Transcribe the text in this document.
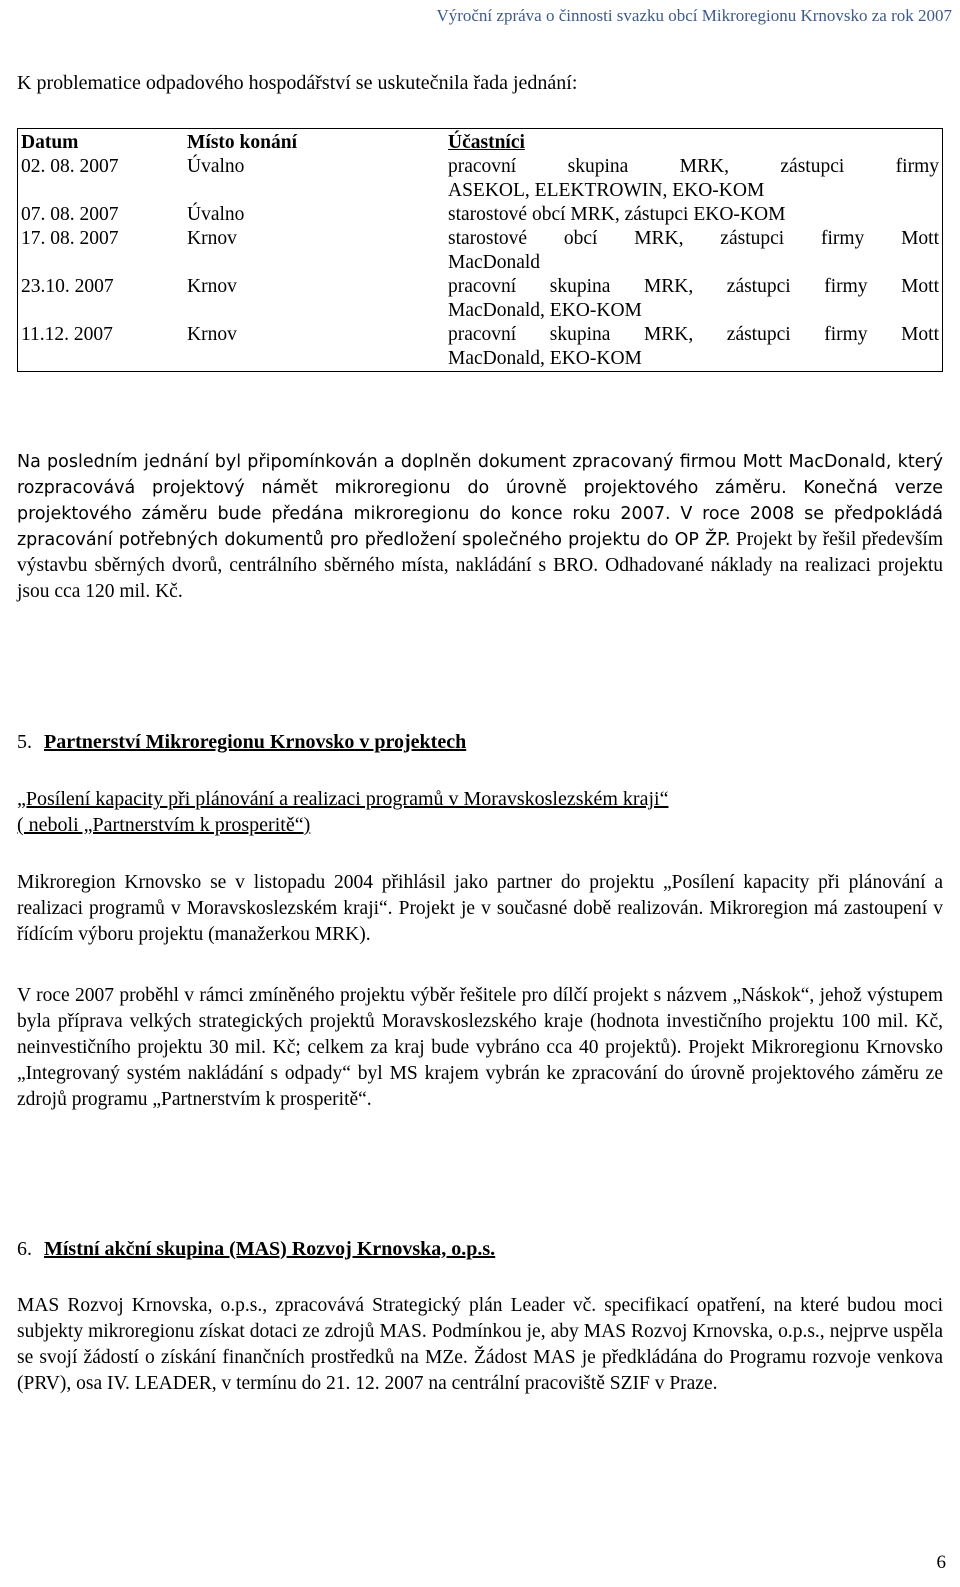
Výroční zpráva o činnosti svazku obcí Mikroregionu Krnovsko za rok 2007
K problematice odpadového hospodářství se uskutečnila řada jednání:
Datum	Místo konání	Účastníci
02. 08. 2007	Úvalno	pracovní skupina MRK, zástupci firmy
ASEKOL, ELEKTROWIN, EKO-KOM

07. 08. 2007	Úvalno	starostové obcí MRK, zástupci EKO-KOM

17. 08. 2007	Krnov	starostové obcí MRK, zástupci firmy Mott
MacDonald

23.10. 2007	Krnov	pracovní skupina MRK, zástupci firmy Mott
MacDonald, EKO-KOM

11.12. 2007	Krnov	pracovní skupina MRK, zástupci firmy Mott
MacDonald, EKO-KOM
Na posledním jednání byl připomínkován a doplněn dokument zpracovaný firmou Mott MacDonald, který rozpracovává projektový námět mikroregionu do úrovně projektového záměru. Konečná verze projektového záměru bude předána mikroregionu do konce roku 2007. V roce 2008 se předpokládá zpracování potřebných dokumentů pro předložení společného projektu do OP ŽP. Projekt by řešil především výstavbu sběrných dvorů, centrálního sběrného místa, nakládání s BRO. Odhadované náklady na realizaci projektu jsou cca 120 mil. Kč.
5. Partnerství Mikroregionu Krnovsko v projektech
„Posílení kapacity při plánování a realizaci programů v Moravskoslezském kraji“
( neboli „Partnerstvím k prosperitě“)
Mikroregion Krnovsko se v listopadu 2004 přihlásil jako partner do projektu „Posílení kapacity při plánování a realizaci programů v Moravskoslezském kraji“. Projekt je v současné době realizován. Mikroregion má zastoupení v řídícím výboru projektu (manažerkou MRK).
V roce 2007 proběhl v rámci zmíněného projektu výběr řešitele pro dílčí projekt s názvem „Náskok“, jehož výstupem byla příprava velkých strategických projektů Moravskoslezského kraje (hodnota investičního projektu 100 mil. Kč, neinvestičního projektu 30 mil. Kč; celkem za kraj bude vybráno cca 40 projektů). Projekt Mikroregionu Krnovsko „Integrovaný systém nakládání s odpady“ byl MS krajem vybrán ke zpracování do úrovně projektového záměru ze zdrojů programu „Partnerstvím k prosperitě“.
6. Místní akční skupina (MAS) Rozvoj Krnovska, o.p.s.
MAS Rozvoj Krnovska, o.p.s., zpracovává Strategický plán Leader vč. specifikací opatření, na které budou moci subjekty mikroregionu získat dotaci ze zdrojů MAS. Podmínkou je, aby MAS Rozvoj Krnovska, o.p.s., nejprve uspěla se svojí žádostí o získání finančních prostředků na MZe. Žádost MAS je předkládána do Programu rozvoje venkova (PRV), osa IV. LEADER, v termínu do 21. 12. 2007 na centrální pracoviště SZIF v Praze.
6
